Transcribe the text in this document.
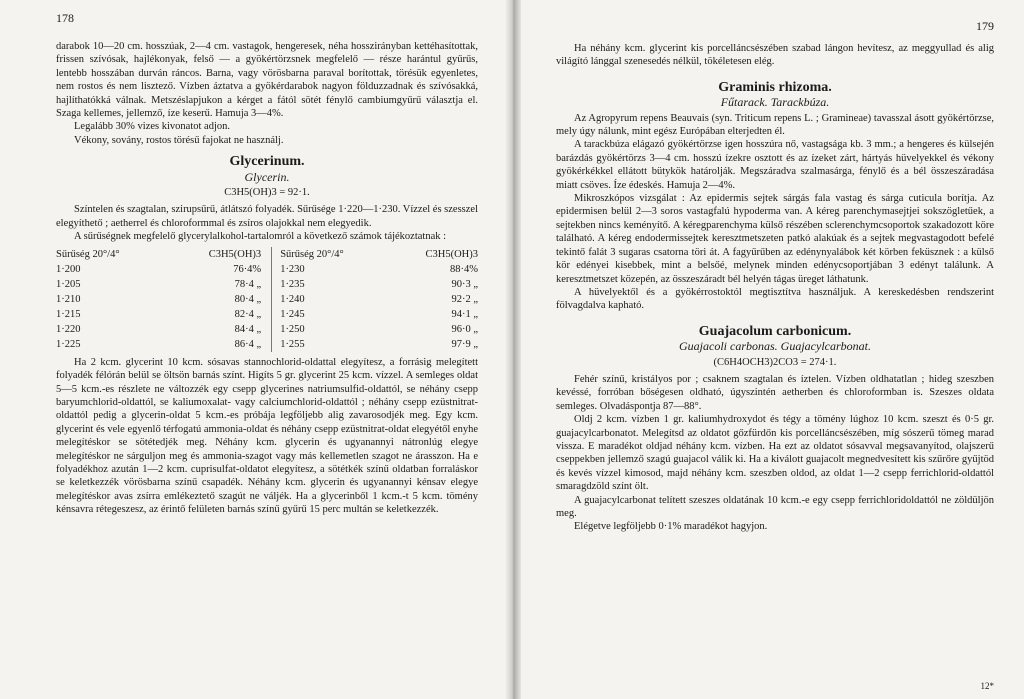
178

darabok 10—20 cm. hosszúak, 2—4 cm. vastagok, hengeresek, néha hosszirányban kettéhasítottak, frissen szívósak, hajlékonyak, felső — a gyökértörzsnek megfelelő — része harántul gyűrűs, lentebb hosszában durván ráncos. Barna, vagy vörösbarna paraval borítottak, törésük egyenletes, nem rostos és nem lisztező. Vízben áztatva a gyökérdarabok nagyon földuzzadnak és szívósakká, hajlíthatókká válnak. Metszéslapjukon a kérget a fától sötét fénylő cambiumgyűrű választja el. Szaga kellemes, jellemző, íze keserű. Hamuja 3—4%.

Legalább 30% vizes kivonatot adjon.

Vékony, sovány, rostos törésű fajokat ne használj.

Glycerinum.
Glycerin.
C3H5(OH)3 = 92·1.

Színtelen és szagtalan, szirupsűrű, átlátszó folyadék. Sűrűsége 1·220—1·230. Vízzel és szesszel elegyíthető ; aetherrel és chloroformmal és zsíros olajokkal nem elegyedik.

A sűrűségnek megfelelő glycerylalkohol-tartalomról a következő számok tájékoztatnak :

Sűrűség 20°/4°	C3H5(OH)3		Sűrűség 20°/4°	C3H5(OH)3
1·200	76·4%		1·230	88·4%
1·205	78·4 „		1·235	90·3 „
1·210	80·4 „		1·240	92·2 „
1·215	82·4 „		1·245	94·1 „
1·220	84·4 „		1·250	96·0 „
1·225	86·4 „		1·255	97·9 „

Ha 2 kcm. glycerint 10 kcm. sósavas stannochlorid-oldattal elegyítesz, a forrásig melegített folyadék félórán belül se öltsön barnás színt. Higíts 5 gr. glycerint 25 kcm. vízzel. A semleges oldat 5—5 kcm.-es részlete ne változzék egy csepp glycerines natriumsulfid-oldattól, se néhány csepp baryumchlorid-oldattól, se kaliumoxalat- vagy calciumchlorid-oldattól ; néhány csepp ezüstnitrat-oldattól pedig a glycerin-oldat 5 kcm.-es próbája legföljebb alig zavarosodjék meg. Egy kcm. glycerint és vele egyenlő térfogatú ammonia-oldat és néhány csepp ezüstnitrat-oldat elegyétől enyhe melegítéskor se sötétedjék meg. Néhány kcm. glycerin és ugyanannyi nátronlúg elegye melegítéskor ne sárguljon meg és ammonia-szagot vagy más kellemetlen szagot ne árasszon. Ha e folyadékhoz azután 1—2 kcm. cuprisulfat-oldatot elegyítesz, a sötétkék színű oldatban forraláskor se keletkezzék vörösbarna színű csapadék. Néhány kcm. glycerin és ugyanannyi kénsav elegye melegítéskor avas zsírra emlékeztető szagút ne váljék. Ha a glycerinből 1 kcm.-t 5 kcm. tömény kénsavra rétegeszesz, az érintő felületen barnás színű gyűrű 15 perc multán se keletkezzék.

179

Ha néhány kcm. glycerint kis porcelláncsészében szabad lángon hevítesz, az meggyullad és alig világító lánggal szenesedés nélkül, tökéletesen elég.

Graminis rhizoma.
Fűtarack. Tarackbúza.

Az Agropyrum repens Beauvais (syn. Triticum repens L. ; Gramineae) tavasszal ásott gyökértörzse, mely úgy nálunk, mint egész Európában elterjedten él.

A tarackbúza elágazó gyökértörzse igen hosszúra nő, vastagsága kb. 3 mm.; a hengeres és külsején barázdás gyökértörzs 3—4 cm. hosszú ízekre osztott és az ízeket zárt, hártyás hüvelyekkel és vékony gyökérkékkel ellátott bütykök határolják. Megszáradva szalmasárga, fénylő és a bél összeszáradása miatt csöves. Íze édeskés. Hamuja 2—4%.

Mikroszkópos vizsgálat : Az epidermis sejtek sárgás fala vastag és sárga cuticula borítja. Az epidermisen belül 2—3 soros vastagfalú hypoderma van. A kéreg parenchymasejtjei sokszögletűek, a sejtekben nincs keményítő. A kéregparenchyma külső részében sclerenchymcsoportok szakadozott köre található. A kéreg endodermissejtek keresztmetszeten patkó alakúak és a sejtek megvastagodott befelé tekintő falát 3 sugaras csatorna töri át. A fagyűrűben az edénynyalábok két körben feküsznek : a külső kör edényei kisebbek, mint a belsőé, melynek minden edénycsoportjában 3 edényt találunk. A keresztmetszet közepén, az összeszáradt bél helyén tágas üreget láthatunk.

A hüvelyektől és a gyökérrostoktól megtisztítva használjuk. A kereskedésben rendszerint fölvagdalva kapható.

Guajacolum carbonicum.
Guajacoli carbonas. Guajacylcarbonat.
(C6H4OCH3)2CO3 = 274·1.

Fehér színű, kristályos por ; csaknem szagtalan és íztelen. Vízben oldhatatlan ; hideg szeszben kevéssé, forróban bőségesen oldható, úgyszintén aetherben és chloroformban is. Szeszes oldata semleges. Olvadáspontja 87—88°.

Oldj 2 kcm. vízben 1 gr. kaliumhydroxydot és tégy a tömény lúghoz 10 kcm. szeszt és 0·5 gr. guajacylcarbonatot. Melegítsd az oldatot gőzfürdőn kis porcelláncsészében, míg sószerű tömeg marad vissza. E maradékot oldjad néhány kcm. vízben. Ha ezt az oldatot sósavval megsavanyítod, olajszerű cseppekben jellemző szagú guajacol válik ki. Ha a kiválott guajacolt megnedvesített kis szűrőre gyűjtöd és kevés vízzel kimosod, majd néhány kcm. szeszben oldod, az oldat 1—2 csepp ferrichlorid-oldattól smaragdzöld színt ölt.

A guajacylcarbonat telített szeszes oldatának 10 kcm.-e egy csepp ferrichloridoldattól ne zöldüljön meg.

Elégetve legföljebb 0·1% maradékot hagyjon.

12*
